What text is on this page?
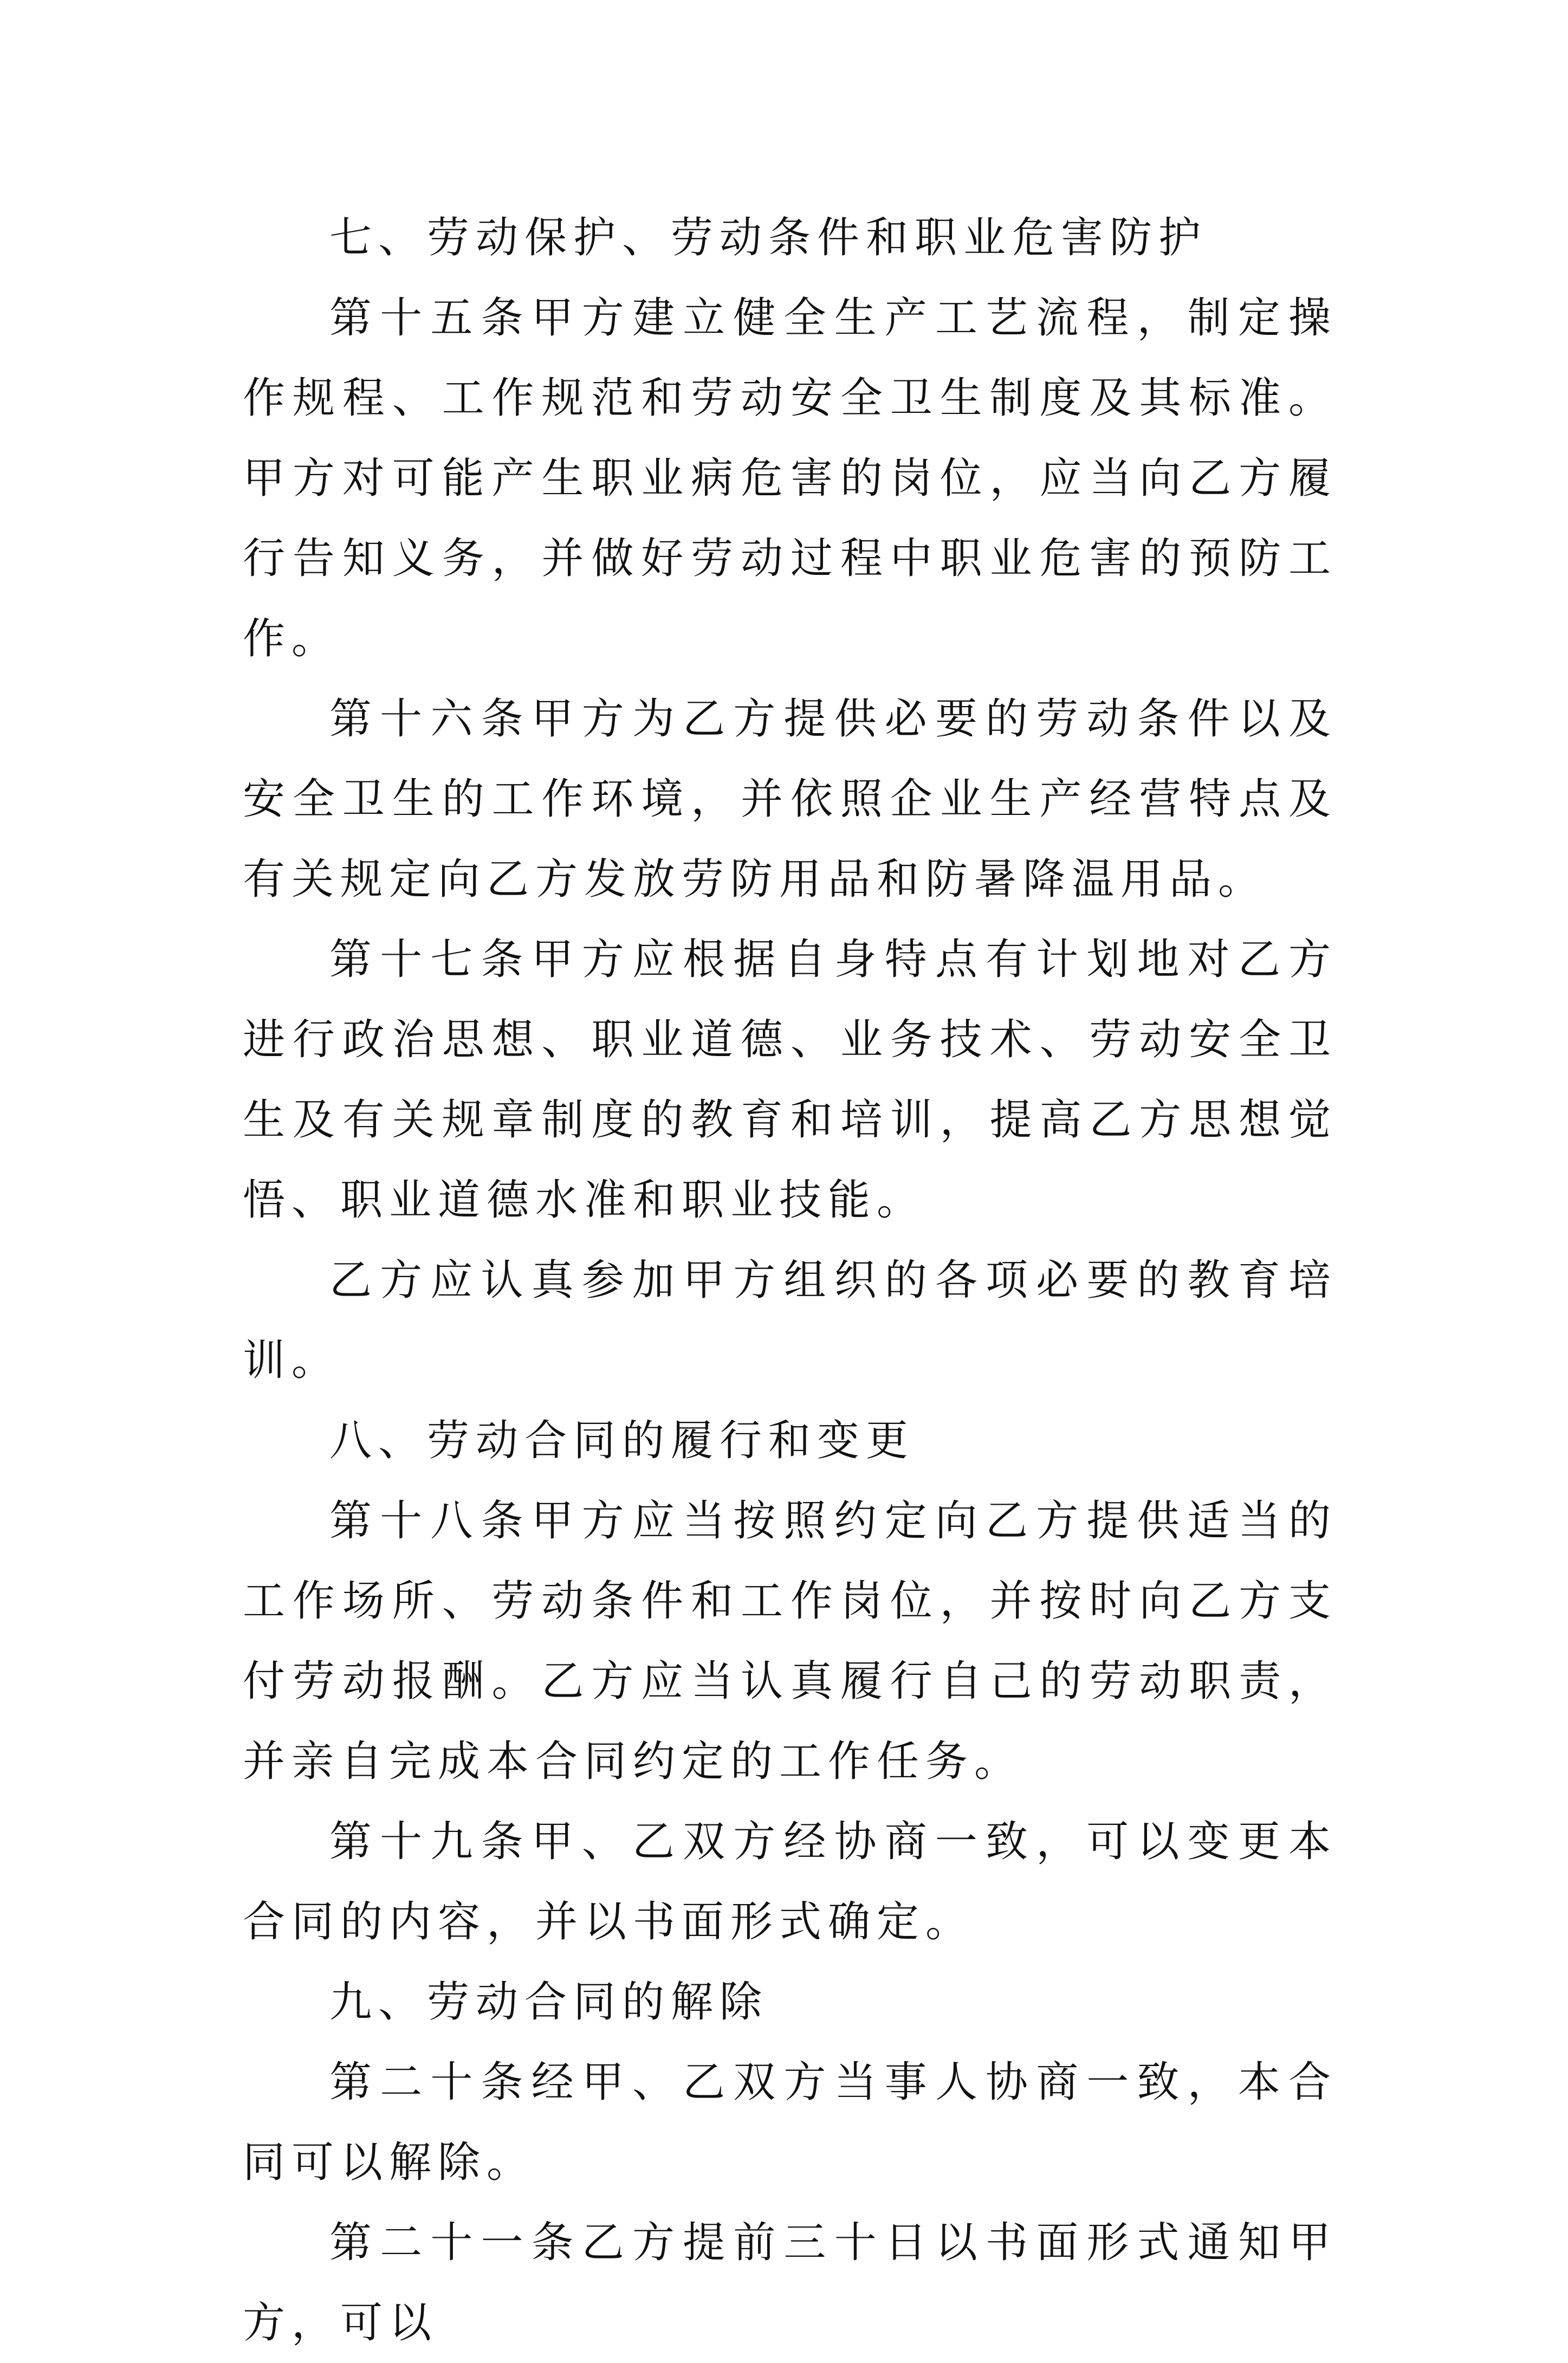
七、劳动保护、劳动条件和职业危害防护

第十五条甲方建立健全生产工艺流程，制定操作规程、工作规范和劳动安全卫生制度及其标准。甲方对可能产生职业病危害的岗位，应当向乙方履行告知义务，并做好劳动过程中职业危害的预防工作。

第十六条甲方为乙方提供必要的劳动条件以及安全卫生的工作环境，并依照企业生产经营特点及有关规定向乙方发放劳防用品和防暑降温用品。

第十七条甲方应根据自身特点有计划地对乙方进行政治思想、职业道德、业务技术、劳动安全卫生及有关规章制度的教育和培训，提高乙方思想觉悟、职业道德水准和职业技能。

乙方应认真参加甲方组织的各项必要的教育培训。

八、劳动合同的履行和变更

第十八条甲方应当按照约定向乙方提供适当的工作场所、劳动条件和工作岗位，并按时向乙方支付劳动报酬。乙方应当认真履行自己的劳动职责，并亲自完成本合同约定的工作任务。

第十九条甲、乙双方经协商一致，可以变更本合同的内容，并以书面形式确定。

九、劳动合同的解除

第二十条经甲、乙双方当事人协商一致，本合同可以解除。

第二十一条乙方提前三十日以书面形式通知甲方，可以
